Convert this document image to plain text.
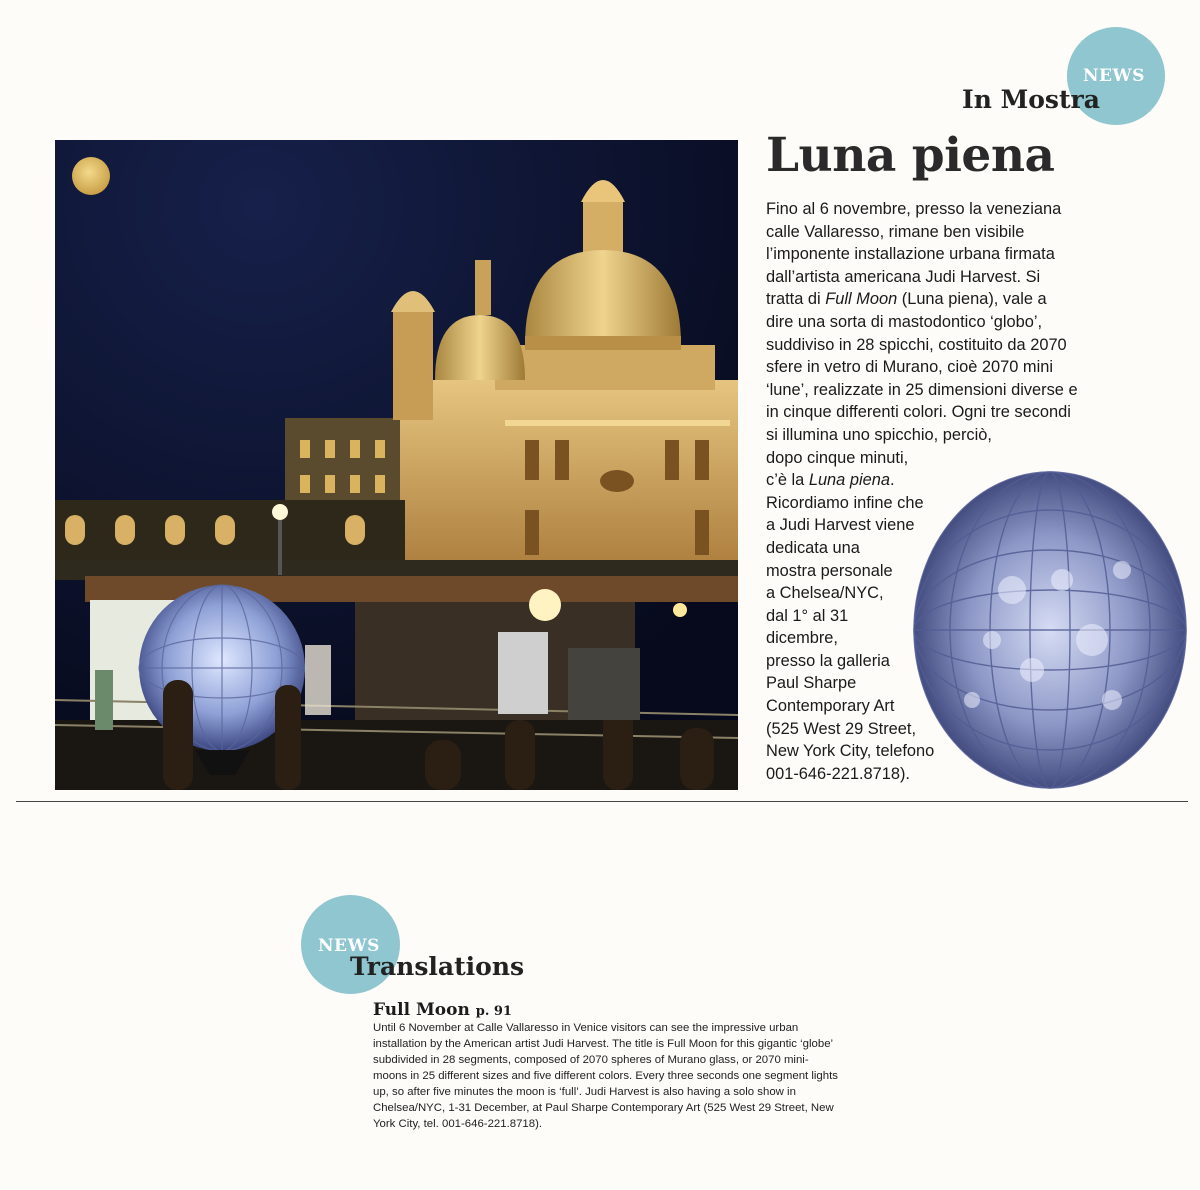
NEWS
In Mostra
Luna piena
Fino al 6 novembre, presso la veneziana
calle Vallaresso, rimane ben visibile
l’imponente installazione urbana firmata
dall’artista americana Judi Harvest. Si
tratta di Full Moon (Luna piena), vale a
dire una sorta di mastodontico ‘globo’,
suddiviso in 28 spicchi, costituito da 2070
sfere in vetro di Murano, cioè 2070 mini
‘lune’, realizzate in 25 dimensioni diverse e
in cinque differenti colori. Ogni tre secondi
si illumina uno spicchio, perciò,
dopo cinque minuti,
c’è la Luna piena.
Ricordiamo infine che
a Judi Harvest viene
dedicata una
mostra personale
a Chelsea/NYC,
dal 1° al 31
dicembre,
presso la galleria
Paul Sharpe
Contemporary Art
(525 West 29 Street,
New York City, telefono
001-646-221.8718).
NEWS
Translations
Full Moon p. 91
Until 6 November at Calle Vallaresso in Venice visitors can see the impressive urban
installation by the American artist Judi Harvest. The title is Full Moon for this gigantic ‘globe’
subdivided in 28 segments, composed of 2070 spheres of Murano glass, or 2070 mini-
moons in 25 different sizes and five different colors. Every three seconds one segment lights
up, so after five minutes the moon is ‘full’. Judi Harvest is also having a solo show in
Chelsea/NYC, 1-31 December, at Paul Sharpe Contemporary Art (525 West 29 Street, New
York City, tel. 001-646-221.8718).
